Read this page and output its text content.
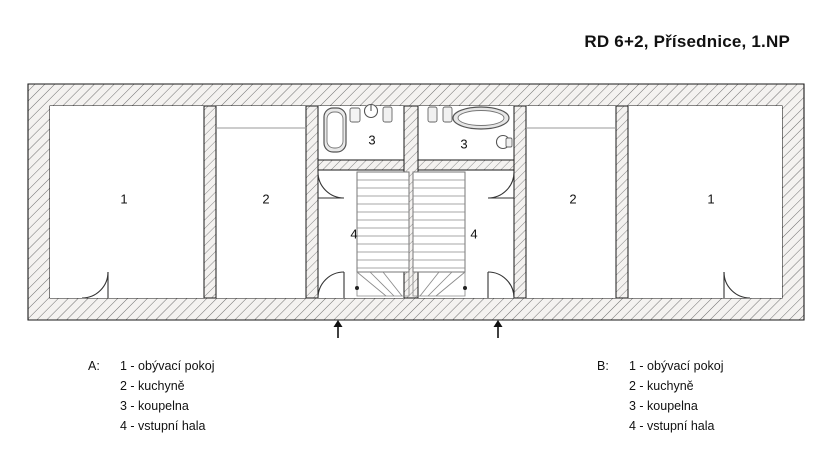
RD 6+2, Přísednice, 1.NP
1	2
3
4	4
3
2	1
A: 1 - obývací pokoj
2 - kuchyně
3 - koupelna
4 - vstupní hala
B: 1 - obývací pokoj
2 - kuchyně
3 - koupelna
4 - vstupní hala
